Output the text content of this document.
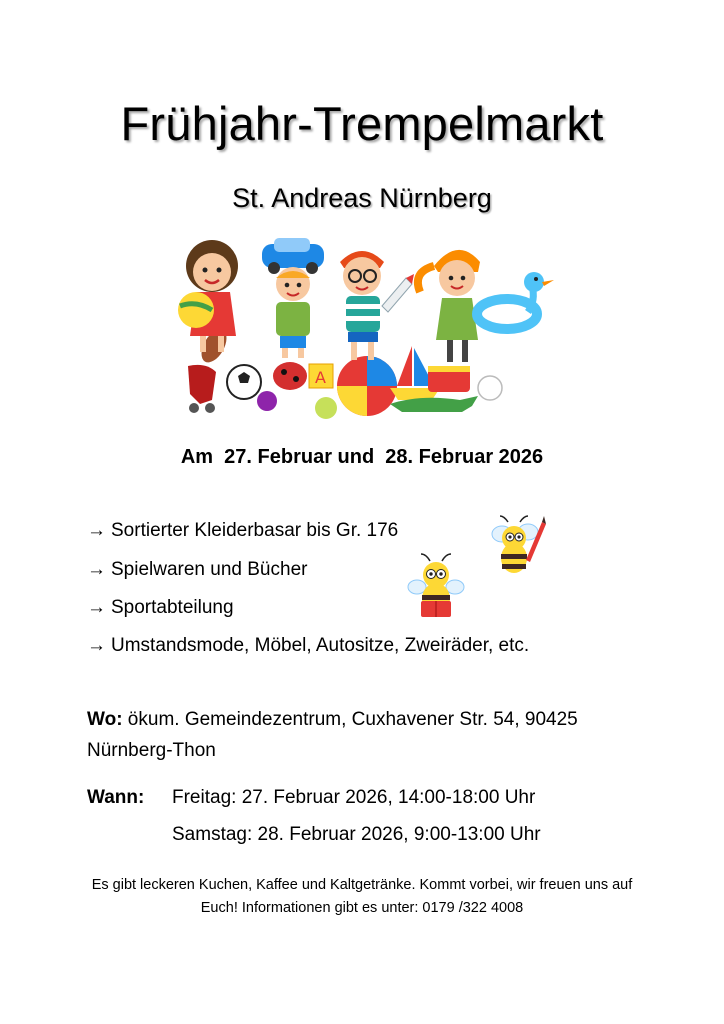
Frühjahr-Trempelmarkt
St. Andreas Nürnberg
A
Am  27. Februar und  28. Februar 2026
→ Sortierter Kleiderbasar bis Gr. 176
→ Spielwaren und Bücher
→ Sportabteilung
→ Umstandsmode, Möbel, Autositze, Zweiräder, etc.
Wo: ökum. Gemeindezentrum, Cuxhavener Str. 54, 90425 Nürnberg-Thon
Wann: Freitag: 27. Februar 2026, 14:00-18:00 Uhr
Samstag: 28. Februar 2026, 9:00-13:00 Uhr
Es gibt leckeren Kuchen, Kaffee und Kaltgetränke. Kommt vorbei, wir freuen uns auf Euch! Informationen gibt es unter: 0179 /322 4008
